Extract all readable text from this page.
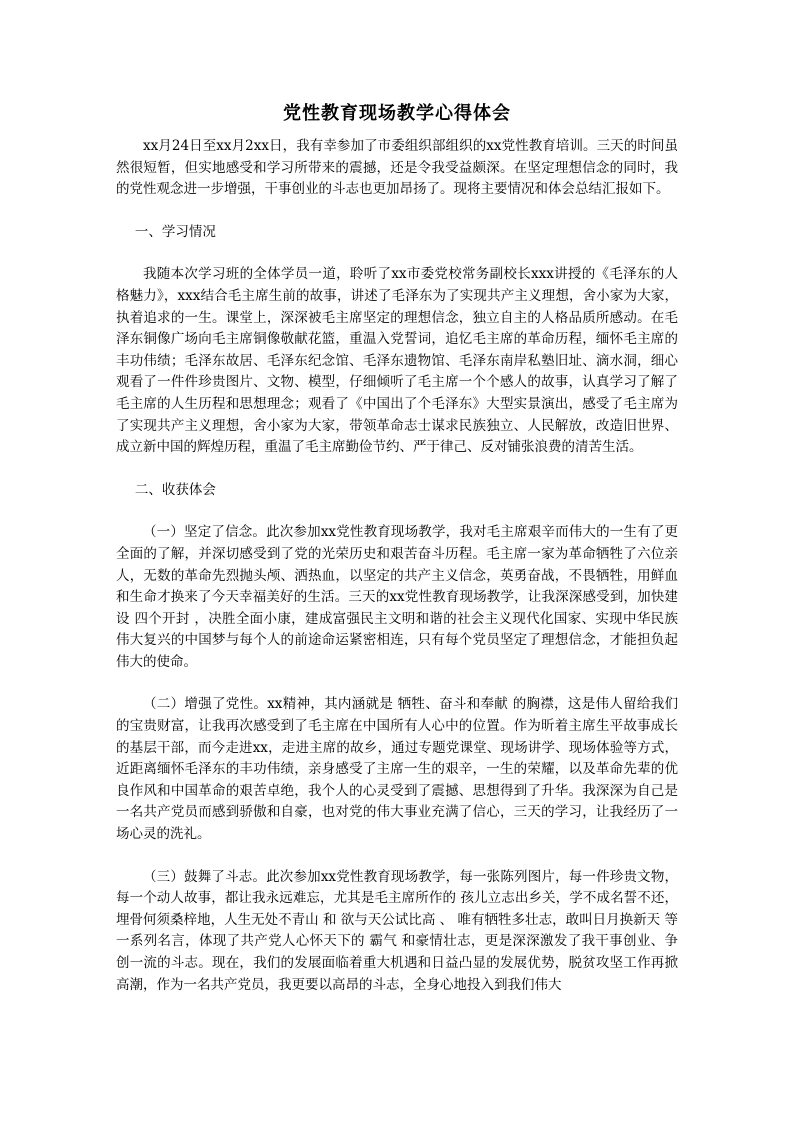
党性教育现场教学心得体会

xx月24日至xx月2xx日，我有幸参加了市委组织部组织的xx党性教育培训。三天的时间虽然很短暂，但实地感受和学习所带来的震撼，还是令我受益颇深。在坚定理想信念的同时，我的党性观念进一步增强，干事创业的斗志也更加昂扬了。现将主要情况和体会总结汇报如下。

一、学习情况

我随本次学习班的全体学员一道，聆听了xx市委党校常务副校长xxx讲授的《毛泽东的人格魅力》，xxx结合毛主席生前的故事，讲述了毛泽东为了实现共产主义理想，舍小家为大家，执着追求的一生。课堂上，深深被毛主席坚定的理想信念，独立自主的人格品质所感动。在毛泽东铜像广场向毛主席铜像敬献花篮，重温入党誓词，追忆毛主席的革命历程，缅怀毛主席的丰功伟绩；毛泽东故居、毛泽东纪念馆、毛泽东遗物馆、毛泽东南岸私塾旧址、滴水洞，细心观看了一件件珍贵图片、文物、模型，仔细倾听了毛主席一个个感人的故事，认真学习了解了毛主席的人生历程和思想理念；观看了《中国出了个毛泽东》大型实景演出，感受了毛主席为了实现共产主义理想，舍小家为大家，带领革命志士谋求民族独立、人民解放，改造旧世界、成立新中国的辉煌历程，重温了毛主席勤俭节约、严于律己、反对铺张浪费的清苦生活。

二、收获体会

（一）坚定了信念。此次参加xx党性教育现场教学，我对毛主席艰辛而伟大的一生有了更全面的了解，并深切感受到了党的光荣历史和艰苦奋斗历程。毛主席一家为革命牺牲了六位亲人，无数的革命先烈抛头颅、洒热血，以坚定的共产主义信念，英勇奋战，不畏牺牲，用鲜血和生命才换来了今天幸福美好的生活。三天的xx党性教育现场教学，让我深深感受到，加快建设 四个开封 ，决胜全面小康，建成富强民主文明和谐的社会主义现代化国家、实现中华民族伟大复兴的中国梦与每个人的前途命运紧密相连，只有每个党员坚定了理想信念，才能担负起伟大的使命。

（二）增强了党性。xx精神，其内涵就是 牺牲、奋斗和奉献 的胸襟，这是伟人留给我们的宝贵财富，让我再次感受到了毛主席在中国所有人心中的位置。作为昕着主席生平故事成长的基层干部，而今走进xx，走进主席的故乡，通过专题党课堂、现场讲学、现场体验等方式，近距离缅怀毛泽东的丰功伟绩，亲身感受了主席一生的艰辛，一生的荣耀，以及革命先辈的优良作风和中国革命的艰苦卓绝，我个人的心灵受到了震撼、思想得到了升华。我深深为自己是一名共产党员而感到骄傲和自豪，也对党的伟大事业充满了信心，三天的学习，让我经历了一场心灵的洗礼。

（三）鼓舞了斗志。此次参加xx党性教育现场教学，每一张陈列图片，每一件珍贵文物，每一个动人故事，都让我永远难忘，尤其是毛主席所作的 孩儿立志出乡关，学不成名誓不还，埋骨何须桑梓地，人生无处不青山 和 欲与天公试比高 、 唯有牺牲多壮志，敢叫日月换新天 等一系列名言，体现了共产党人心怀天下的 霸气 和豪情壮志，更是深深激发了我干事创业、争创一流的斗志。现在，我们的发展面临着重大机遇和日益凸显的发展优势，脱贫攻坚工作再掀高潮，作为一名共产党员，我更要以高昂的斗志，全身心地投入到我们伟大
